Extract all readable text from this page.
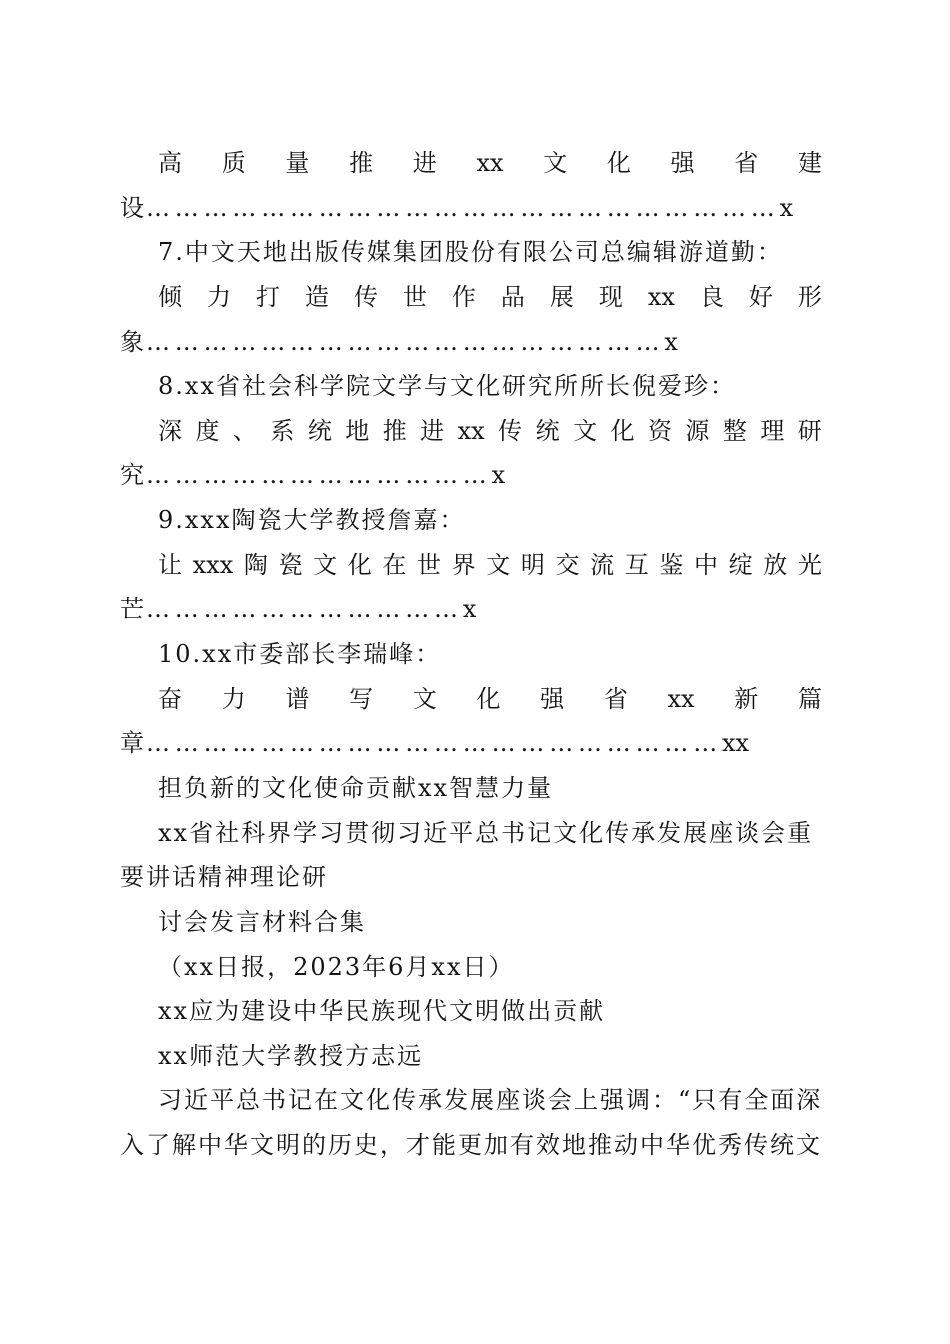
高 质 量 推 进 xx 文 化 强 省 建
设…………………………………………………………x
7.中文天地出版传媒集团股份有限公司总编辑游道勤：
倾 力 打 造 传 世 作 品 展 现 xx 良 好 形
象………………………………………………x
8.xx省社会科学院文学与文化研究所所长倪爱珍：
深 度 、 系 统 地 推 进 xx 传 统 文 化 资 源 整 理 研
究………………………………x
9.xxx陶瓷大学教授詹嘉：
让 xxx 陶 瓷 文 化 在 世 界 文 明 交 流 互 鉴 中 绽 放 光
芒……………………………x
10.xx市委部长李瑞峰：
奋 力 谱 写 文 化 强 省 xx 新 篇
章……………………………………………………xx
担负新的文化使命贡献xx智慧力量
xx省社科界学习贯彻习近平总书记文化传承发展座谈会重
要讲话精神理论研
讨会发言材料合集
（xx日报，2023年6月xx日）
xx应为建设中华民族现代文明做出贡献
xx师范大学教授方志远
习近平总书记在文化传承发展座谈会上强调：“只有全面深
入了解中华文明的历史，才能更加有效地推动中华优秀传统文
